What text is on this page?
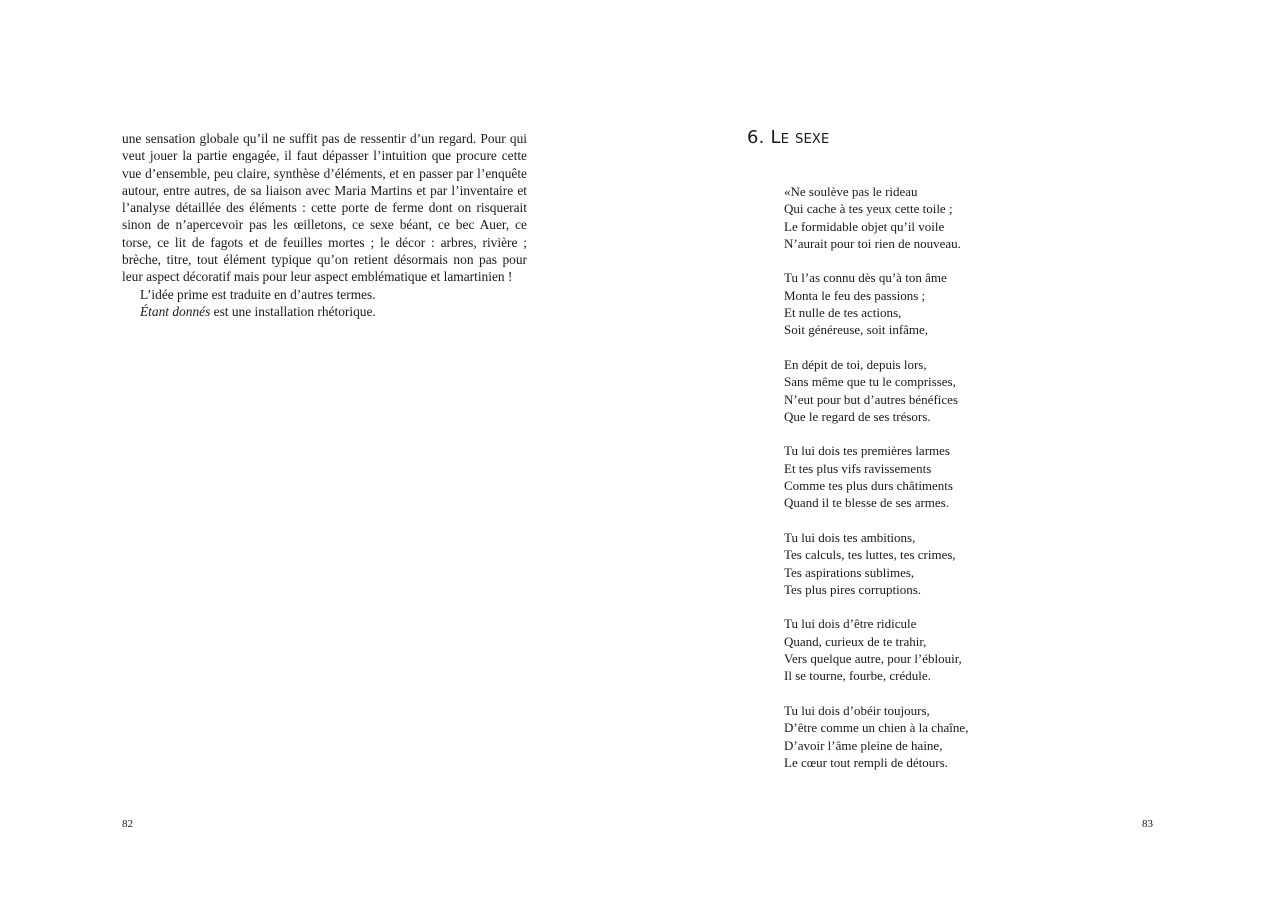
une sensation globale qu’il ne suffit pas de ressentir d’un regard. Pour qui veut jouer la partie engagée, il faut dépasser l’intuition que procure cette vue d’ensemble, peu claire, synthèse d’éléments, et en passer par l’enquête autour, entre autres, de sa liaison avec Maria Martins et par l’inventaire et l’analyse détaillée des éléments : cette porte de ferme dont on risquerait sinon de n’apercevoir pas les œilletons, ce sexe béant, ce bec Auer, ce torse, ce lit de fagots et de feuilles mortes ; le décor : arbres, rivière ; brèche, titre, tout élément typique qu’on retient désormais non pas pour leur aspect décoratif mais pour leur aspect emblématique et lamartinien !

L’idée prime est traduite en d’autres termes.

Étant donnés est une installation rhétorique.

82
6. Le sexe
«Ne soulève pas le rideau
Qui cache à tes yeux cette toile ;
Le formidable objet qu’il voile
N’aurait pour toi rien de nouveau.
Tu l’as connu dès qu’à ton âme
Monta le feu des passions ;
Et nulle de tes actions,
Soit généreuse, soit infâme,
En dépit de toi, depuis lors,
Sans même que tu le comprisses,
N’eut pour but d’autres bénéfices
Que le regard de ses trésors.
Tu lui dois tes premières larmes
Et tes plus vifs ravissements
Comme tes plus durs châtiments
Quand il te blesse de ses armes.
Tu lui dois tes ambitions,
Tes calculs, tes luttes, tes crimes,
Tes aspirations sublimes,
Tes plus pires corruptions.
Tu lui dois d’être ridicule
Quand, curieux de te trahir,
Vers quelque autre, pour l’éblouir,
Il se tourne, fourbe, crédule.
Tu lui dois d’obéir toujours,
D’être comme un chien à la chaîne,
D’avoir l’âme pleine de haine,
Le cœur tout rempli de détours.
83
